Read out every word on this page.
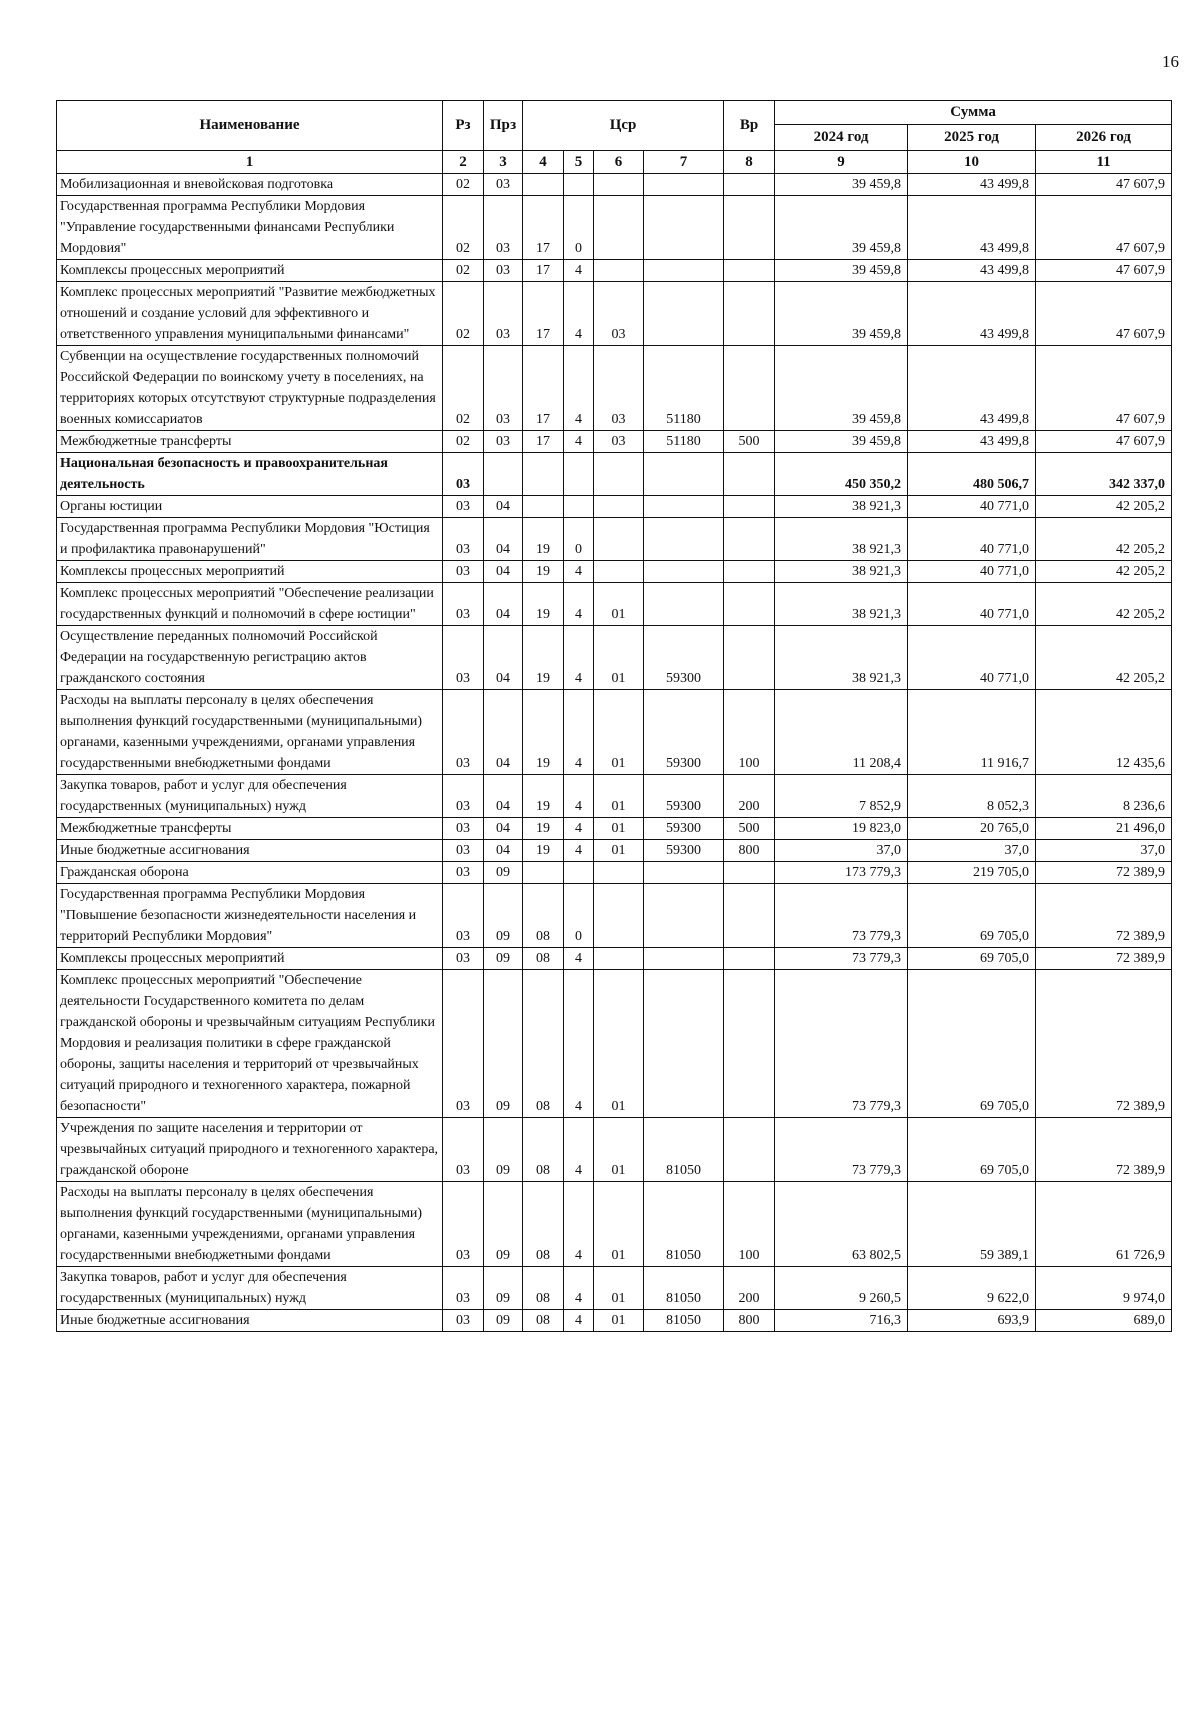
16
Наименование	Рз	Прз	Цср				Вр	Сумма		
								2024 год	2025 год	2026 год
1	2	3	4	5	6	7	8	9	10	11
Мобилизационная и вневойсковая подготовка	02	03						39 459,8	43 499,8	47 607,9
Государственная программа Республики Мордовия "Управление государственными финансами Республики Мордовия"	02	03	17	0				39 459,8	43 499,8	47 607,9
Комплексы процессных мероприятий	02	03	17	4				39 459,8	43 499,8	47 607,9
Комплекс процессных мероприятий "Развитие межбюджетных отношений и создание условий для эффективного и ответственного управления муниципальными финансами"	02	03	17	4	03			39 459,8	43 499,8	47 607,9
Субвенции на осуществление государственных полномочий Российской Федерации по воинскому учету в поселениях, на территориях которых отсутствуют структурные подразделения военных комиссариатов	02	03	17	4	03	51180		39 459,8	43 499,8	47 607,9
Межбюджетные трансферты	02	03	17	4	03	51180	500	39 459,8	43 499,8	47 607,9
Национальная безопасность и правоохранительная деятельность	03							450 350,2	480 506,7	342 337,0
Органы юстиции	03	04						38 921,3	40 771,0	42 205,2
Государственная программа Республики Мордовия "Юстиция и профилактика правонарушений"	03	04	19	0				38 921,3	40 771,0	42 205,2
Комплексы процессных мероприятий	03	04	19	4				38 921,3	40 771,0	42 205,2
Комплекс процессных мероприятий "Обеспечение реализации государственных функций и полномочий в сфере юстиции"	03	04	19	4	01			38 921,3	40 771,0	42 205,2
Осуществление переданных полномочий Российской Федерации на государственную регистрацию актов гражданского состояния	03	04	19	4	01	59300		38 921,3	40 771,0	42 205,2
Расходы на выплаты персоналу в целях обеспечения выполнения функций государственными (муниципальными) органами, казенными учреждениями, органами управления государственными внебюджетными фондами	03	04	19	4	01	59300	100	11 208,4	11 916,7	12 435,6
Закупка товаров, работ и услуг для обеспечения государственных (муниципальных) нужд	03	04	19	4	01	59300	200	7 852,9	8 052,3	8 236,6
Межбюджетные трансферты	03	04	19	4	01	59300	500	19 823,0	20 765,0	21 496,0
Иные бюджетные ассигнования	03	04	19	4	01	59300	800	37,0	37,0	37,0
Гражданская оборона	03	09						173 779,3	219 705,0	72 389,9
Государственная программа Республики Мордовия "Повышение безопасности жизнедеятельности населения и территорий Республики Мордовия"	03	09	08	0				73 779,3	69 705,0	72 389,9
Комплексы процессных мероприятий	03	09	08	4				73 779,3	69 705,0	72 389,9
Комплекс процессных мероприятий "Обеспечение деятельности Государственного комитета по делам гражданской обороны и чрезвычайным ситуациям Республики Мордовия и реализация политики в сфере гражданской обороны, защиты населения и территорий от чрезвычайных ситуаций природного и техногенного характера, пожарной безопасности"	03	09	08	4	01			73 779,3	69 705,0	72 389,9
Учреждения по защите населения и территории от чрезвычайных ситуаций природного и техногенного характера, гражданской обороне	03	09	08	4	01	81050		73 779,3	69 705,0	72 389,9
Расходы на выплаты персоналу в целях обеспечения выполнения функций государственными (муниципальными) органами, казенными учреждениями, органами управления государственными внебюджетными фондами	03	09	08	4	01	81050	100	63 802,5	59 389,1	61 726,9
Закупка товаров, работ и услуг для обеспечения государственных (муниципальных) нужд	03	09	08	4	01	81050	200	9 260,5	9 622,0	9 974,0
Иные бюджетные ассигнования	03	09	08	4	01	81050	800	716,3	693,9	689,0
